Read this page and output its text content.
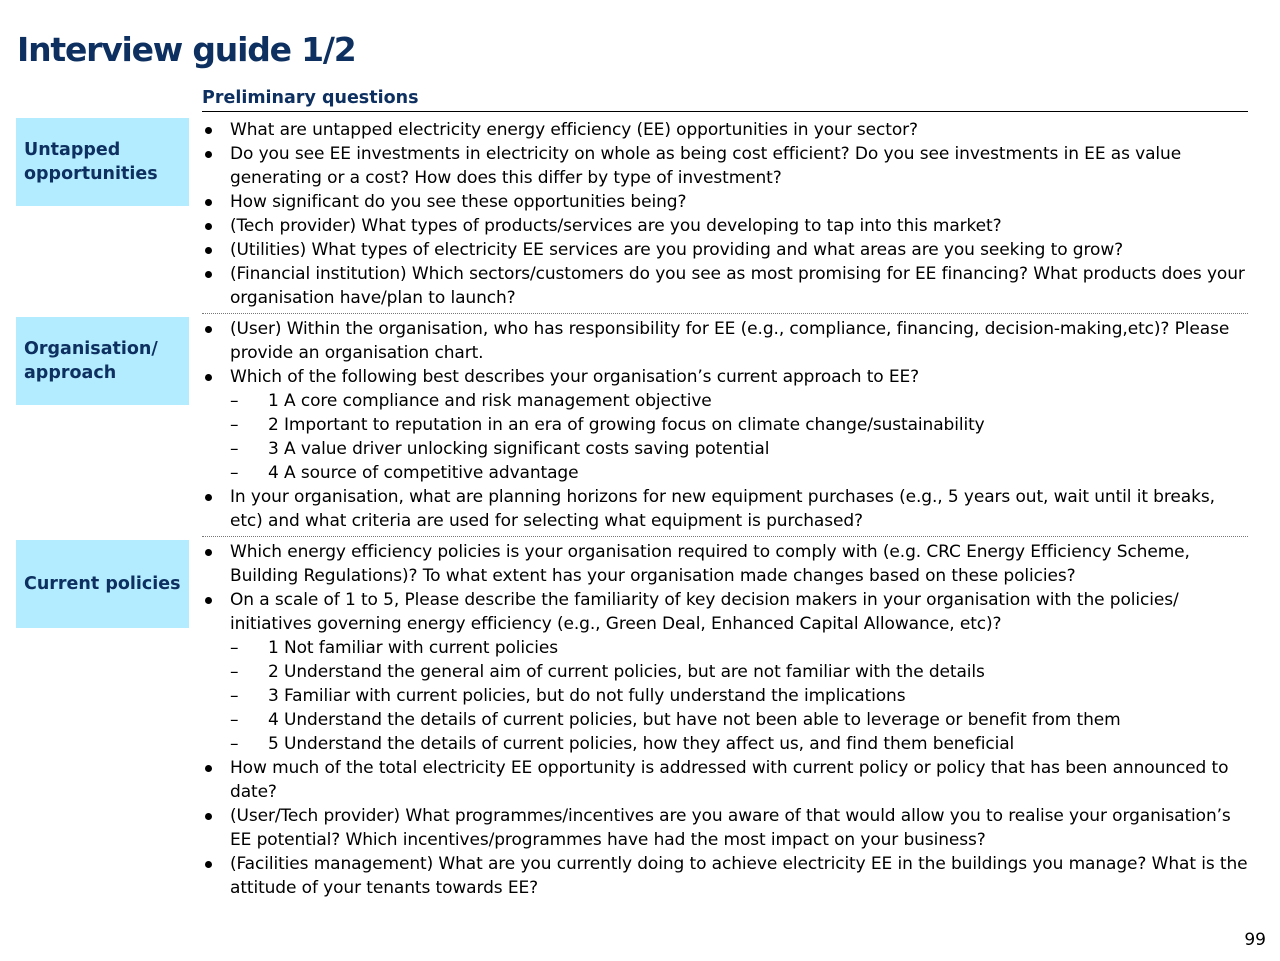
Interview guide 1/2
Preliminary questions
Untapped opportunities
Organisation/ approach
Current policies
What are untapped electricity energy efficiency (EE) opportunities in your sector?
Do you see EE investments in electricity on whole as being cost efficient? Do you see investments in EE as value generating or a cost? How does this differ by type of investment?
How significant do you see these opportunities being?
(Tech provider) What types of products/services are you developing to tap into this market?
(Utilities) What types of electricity EE services are you providing and what areas are you seeking to grow?
(Financial institution) Which sectors/customers do you see as most promising for EE financing? What products does your organisation have/plan to launch?
(User) Within the organisation, who has responsibility for EE (e.g., compliance, financing, decision-making,etc)? Please provide an organisation chart.
Which of the following best describes your organisation’s current approach to EE?
– 1 A core compliance and risk management objective
– 2 Important to reputation in an era of growing focus on climate change/sustainability
– 3 A value driver unlocking significant costs saving potential
– 4 A source of competitive advantage
In your organisation, what are planning horizons for new equipment purchases (e.g., 5 years out, wait until it breaks, etc) and what criteria are used for selecting what equipment is purchased?
Which energy efficiency policies is your organisation required to comply with (e.g. CRC Energy Efficiency Scheme, Building Regulations)? To what extent has your organisation made changes based on these policies?
On a scale of 1 to 5, Please describe the familiarity of key decision makers in your organisation with the policies/ initiatives governing energy efficiency (e.g., Green Deal, Enhanced Capital Allowance, etc)?
– 1 Not familiar with current policies
– 2 Understand the general aim of current policies, but are not familiar with the details
– 3 Familiar with current policies, but do not fully understand the implications
– 4 Understand the details of current policies, but have not been able to leverage or benefit from them
– 5 Understand the details of current policies, how they affect us, and find them beneficial
How much of the total electricity EE opportunity is addressed with current policy or policy that has been announced to date?
(User/Tech provider) What programmes/incentives are you aware of that would allow you to realise your organisation’s EE potential? Which incentives/programmes have had the most impact on your business?
(Facilities management) What are you currently doing to achieve electricity EE in the buildings you manage? What is the attitude of your tenants towards EE?
99
